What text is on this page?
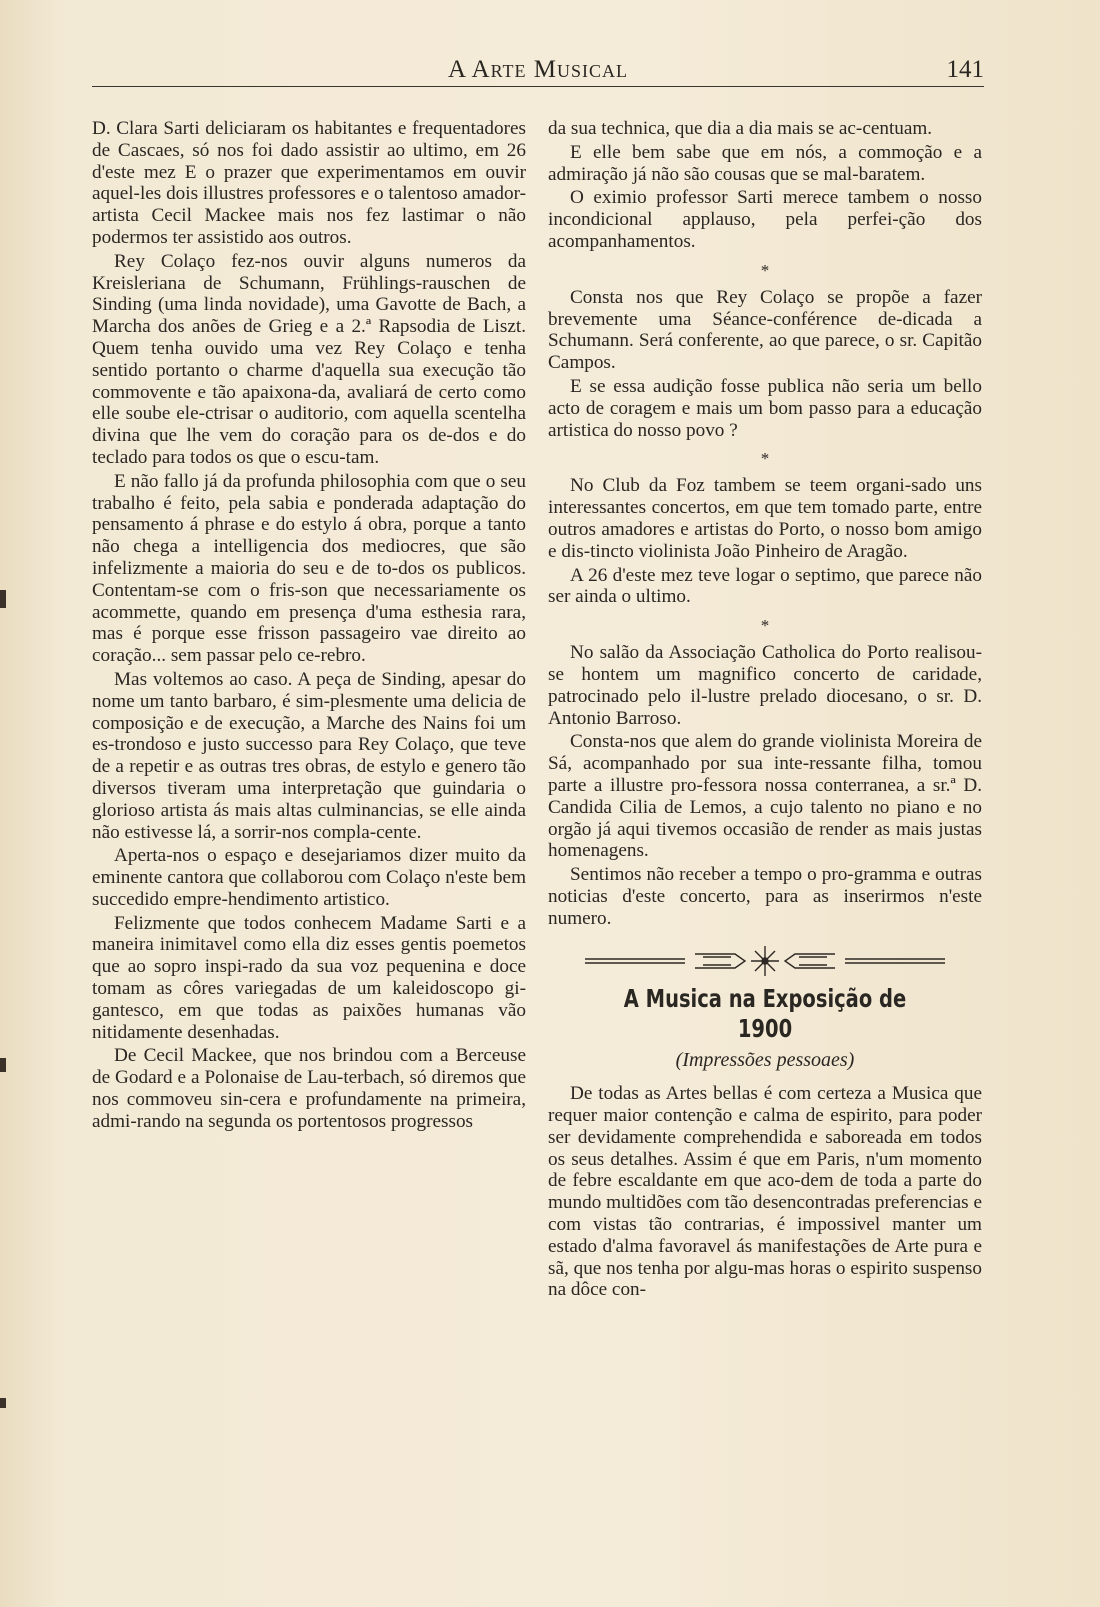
A Arte Musical	141

D. Clara Sarti deliciaram os habitantes e frequentadores de Cascaes, só nos foi dado assistir ao ultimo, em 26 d'este mez E o prazer que experimentamos em ouvir aquel-les dois illustres professores e o talentoso amador-artista Cecil Mackee mais nos fez lastimar o não podermos ter assistido aos outros.

Rey Colaço fez-nos ouvir alguns numeros da Kreisleriana de Schumann, Frühlings-rauschen de Sinding (uma linda novidade), uma Gavotte de Bach, a Marcha dos anões de Grieg e a 2.ª Rapsodia de Liszt. Quem tenha ouvido uma vez Rey Colaço e tenha sentido portanto o charme d'aquella sua execução tão commovente e tão apaixona-da, avaliará de certo como elle soube ele-ctrisar o auditorio, com aquella scentelha divina que lhe vem do coração para os de-dos e do teclado para todos os que o escu-tam.

E não fallo já da profunda philosophia com que o seu trabalho é feito, pela sabia e ponderada adaptação do pensamento á phrase e do estylo á obra, porque a tanto não chega a intelligencia dos mediocres, que são infelizmente a maioria do seu e de to-dos os publicos. Contentam-se com o fris-son que necessariamente os acommette, quando em presença d'uma esthesia rara, mas é porque esse frisson passageiro vae direito ao coração... sem passar pelo ce-rebro.

Mas voltemos ao caso. A peça de Sinding, apesar do nome um tanto barbaro, é sim-plesmente uma delicia de composição e de execução, a Marche des Nains foi um es-trondoso e justo successo para Rey Colaço, que teve de a repetir e as outras tres obras, de estylo e genero tão diversos tiveram uma interpretação que guindaria o glorioso artista ás mais altas culminancias, se elle ainda não estivesse lá, a sorrir-nos compla-cente.

Aperta-nos o espaço e desejariamos dizer muito da eminente cantora que collaborou com Colaço n'este bem succedido empre-hendimento artistico.

Felizmente que todos conhecem Madame Sarti e a maneira inimitavel como ella diz esses gentis poemetos que ao sopro inspi-rado da sua voz pequenina e doce tomam as côres variegadas de um kaleidoscopo gi-gantesco, em que todas as paixões humanas vão nitidamente desenhadas.

De Cecil Mackee, que nos brindou com a Berceuse de Godard e a Polonaise de Lau-terbach, só diremos que nos commoveu sin-cera e profundamente na primeira, admi-rando na segunda os portentosos progressos

da sua technica, que dia a dia mais se ac-centuam.

E elle bem sabe que em nós, a commoção e a admiração já não são cousas que se mal-baratem.

O eximio professor Sarti merece tambem o nosso incondicional applauso, pela perfei-ção dos acompanhamentos.

*

Consta nos que Rey Colaço se propõe a fazer brevemente uma Séance-conférence de-dicada a Schumann. Será conferente, ao que parece, o sr. Capitão Campos.

E se essa audição fosse publica não seria um bello acto de coragem e mais um bom passo para a educação artistica do nosso povo ?

*

No Club da Foz tambem se teem organi-sado uns interessantes concertos, em que tem tomado parte, entre outros amadores e artistas do Porto, o nosso bom amigo e dis-tincto violinista João Pinheiro de Aragão.

A 26 d'este mez teve logar o septimo, que parece não ser ainda o ultimo.

*

No salão da Associação Catholica do Porto realisou-se hontem um magnifico concerto de caridade, patrocinado pelo il-lustre prelado diocesano, o sr. D. Antonio Barroso.

Consta-nos que alem do grande violinista Moreira de Sá, acompanhado por sua inte-ressante filha, tomou parte a illustre pro-fessora nossa conterranea, a sr.ª D. Candida Cilia de Lemos, a cujo talento no piano e no orgão já aqui tivemos occasião de render as mais justas homenagens.

Sentimos não receber a tempo o pro-gramma e outras noticias d'este concerto, para as inserirmos n'este numero.

A Musica na Exposição de 1900
(Impressões pessoaes)

De todas as Artes bellas é com certeza a Musica que requer maior contenção e calma de espirito, para poder ser devidamente comprehendida e saboreada em todos os seus detalhes. Assim é que em Paris, n'um momento de febre escaldante em que aco-dem de toda a parte do mundo multidões com tão desencontradas preferencias e com vistas tão contrarias, é impossivel manter um estado d'alma favoravel ás manifestações de Arte pura e sã, que nos tenha por algu-mas horas o espirito suspenso na dôce con-
